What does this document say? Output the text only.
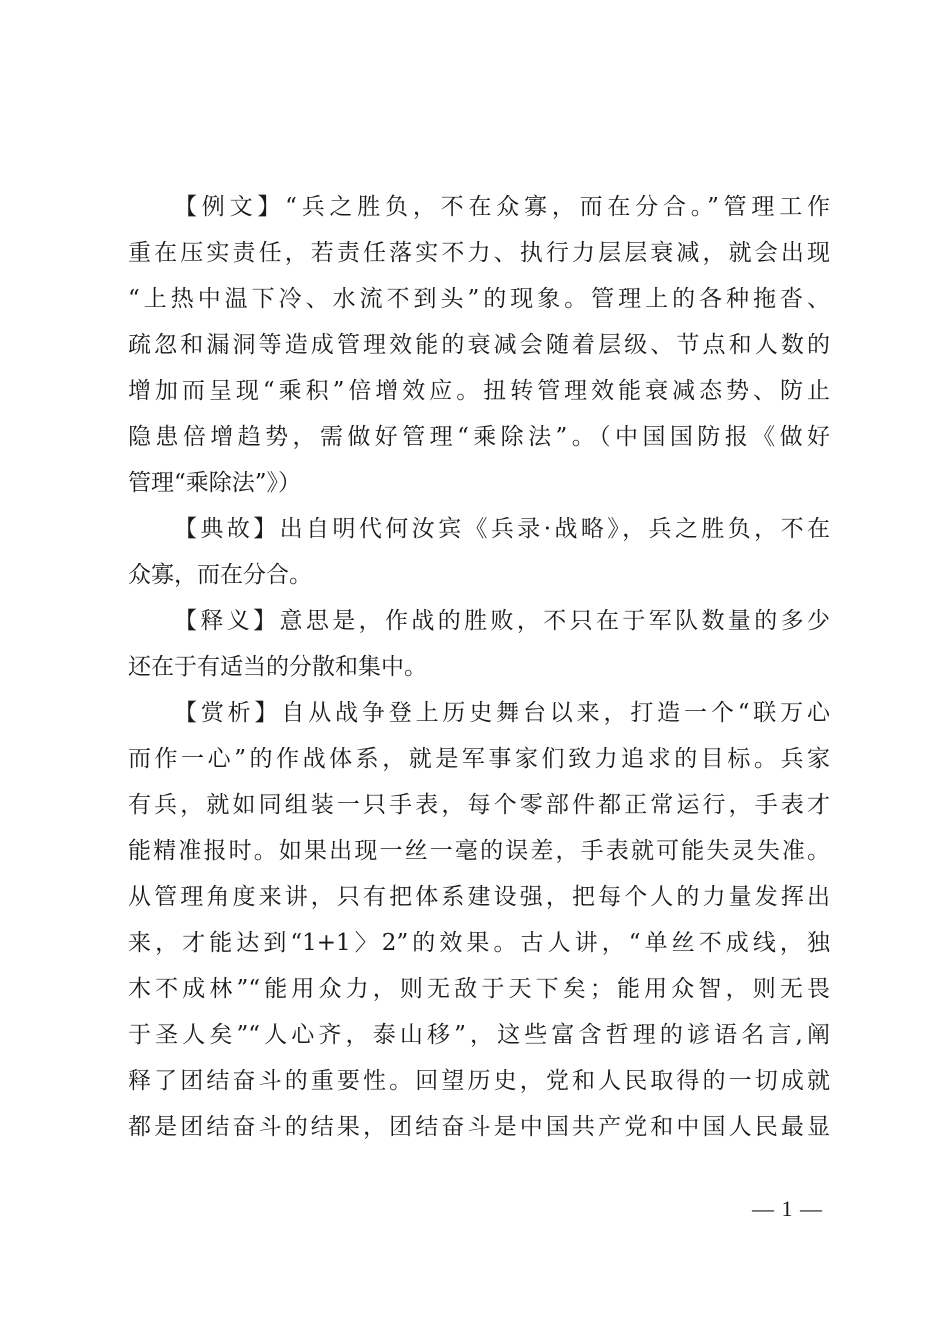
【例文】“兵之胜负，不在众寡，而在分合。”管理工作
重在压实责任，若责任落实不力、执行力层层衰减，就会出现
“上热中温下冷、水流不到头”的现象。管理上的各种拖沓、
疏忽和漏洞等造成管理效能的衰减会随着层级、节点和人数的
增加而呈现“乘积”倍增效应。扭转管理效能衰减态势、防止
隐患倍增趋势，需做好管理“乘除法”。（中国国防报《做好
管理“乘除法”》）
【典故】出自明代何汝宾《兵录·战略》，兵之胜负，不在
众寡，而在分合。
【释义】意思是，作战的胜败，不只在于军队数量的多少
还在于有适当的分散和集中。
【赏析】自从战争登上历史舞台以来，打造一个“联万心
而作一心”的作战体系，就是军事家们致力追求的目标。兵家
有兵，就如同组装一只手表，每个零部件都正常运行，手表才
能精准报时。如果出现一丝一毫的误差，手表就可能失灵失准。
从管理角度来讲，只有把体系建设强，把每个人的力量发挥出
来，才能达到“1+1〉2”的效果。古人讲，“单丝不成线，独
木不成林”“能用众力，则无敌于天下矣；能用众智，则无畏
于圣人矣”“人心齐，泰山移”，这些富含哲理的谚语名言,阐
释了团结奋斗的重要性。回望历史，党和人民取得的一切成就
都是团结奋斗的结果，团结奋斗是中国共产党和中国人民最显
— 1 —
